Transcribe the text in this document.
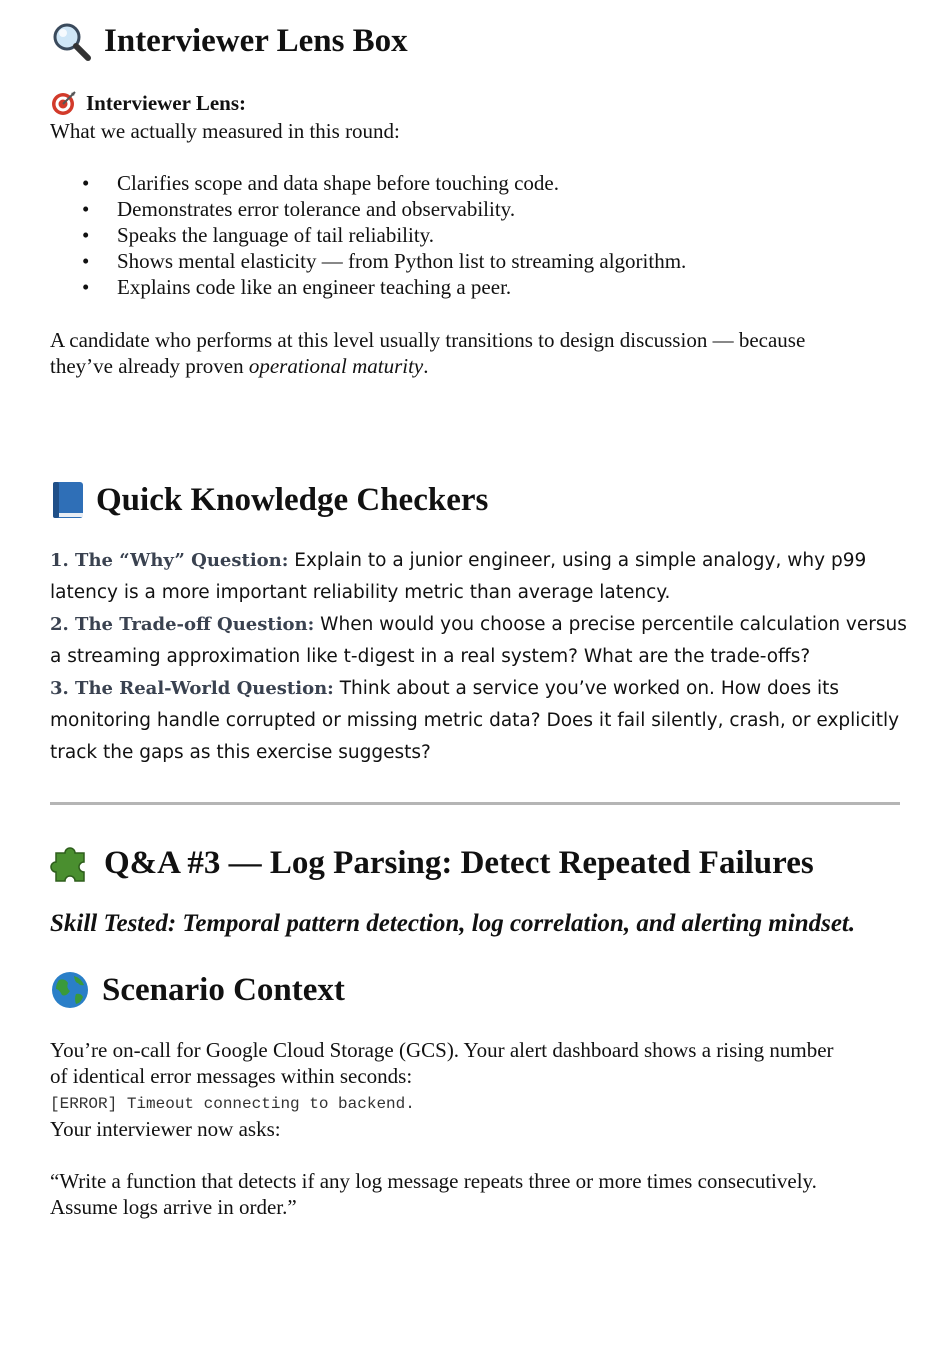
Interviewer Lens Box
Interviewer Lens:
What we actually measured in this round:
• Clarifies scope and data shape before touching code.
• Demonstrates error tolerance and observability.
• Speaks the language of tail reliability.
• Shows mental elasticity — from Python list to streaming algorithm.
• Explains code like an engineer teaching a peer.
A candidate who performs at this level usually transitions to design discussion — because
they’ve already proven operational maturity.
Quick Knowledge Checkers
1. The “Why” Question: Explain to a junior engineer, using a simple analogy, why p99 latency is a more important reliability metric than average latency.
2. The Trade-off Question: When would you choose a precise percentile calculation versus a streaming approximation like t-digest in a real system? What are the trade-offs?
3. The Real-World Question: Think about a service you’ve worked on. How does its monitoring handle corrupted or missing metric data? Does it fail silently, crash, or explicitly track the gaps as this exercise suggests?
Q&A #3 — Log Parsing: Detect Repeated Failures
Skill Tested: Temporal pattern detection, log correlation, and alerting mindset.
Scenario Context
You’re on-call for Google Cloud Storage (GCS). Your alert dashboard shows a rising number
of identical error messages within seconds:
[ERROR] Timeout connecting to backend.
Your interviewer now asks:
“Write a function that detects if any log message repeats three or more times consecutively.
Assume logs arrive in order.”
